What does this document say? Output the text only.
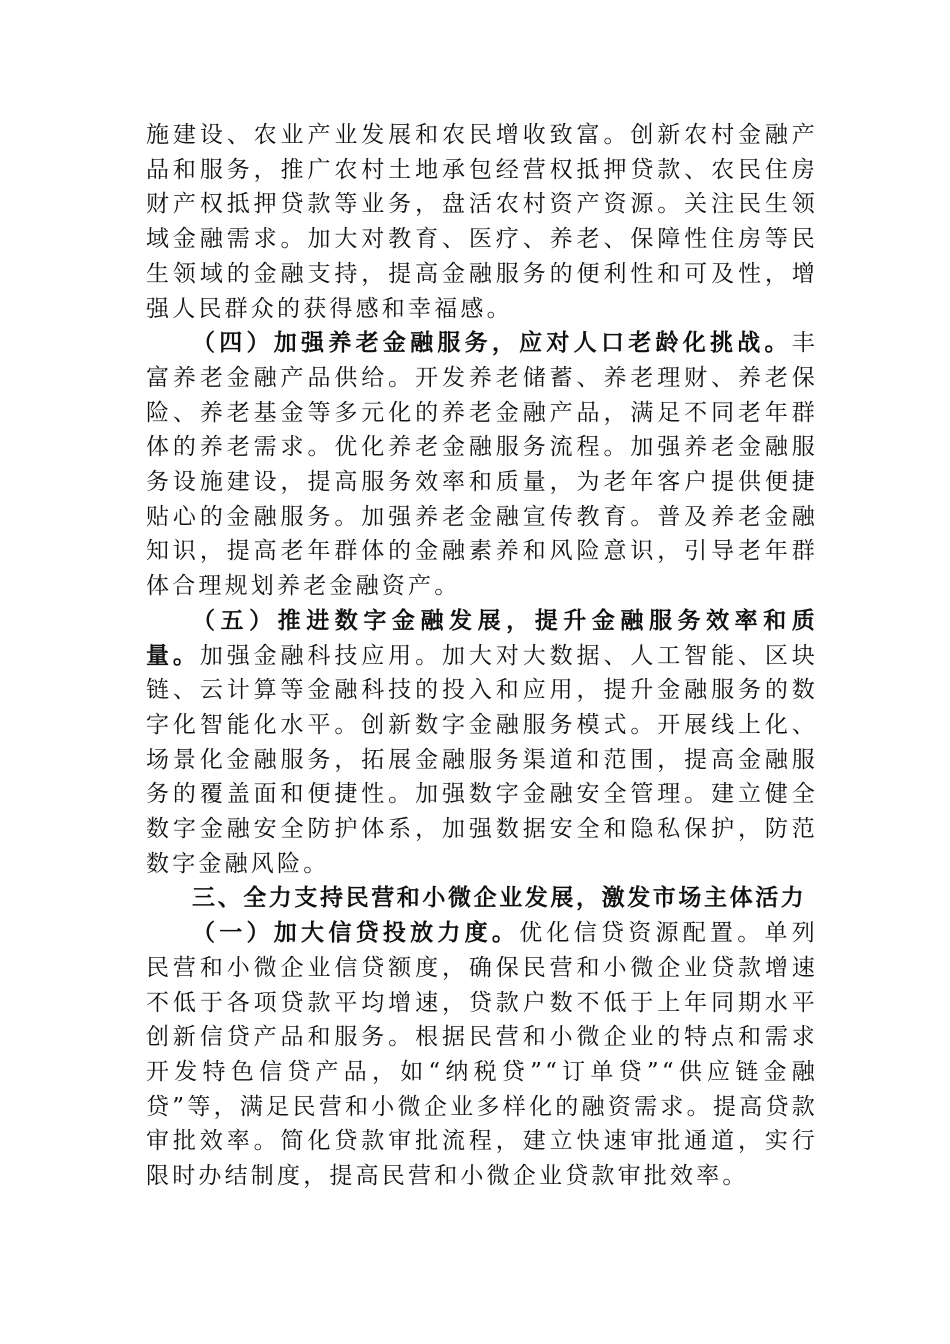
施建设、农业产业发展和农民增收致富。创新农村金融产品和服务，推广农村土地承包经营权抵押贷款、农民住房财产权抵押贷款等业务，盘活农村资产资源。关注民生领域金融需求。加大对教育、医疗、养老、保障性住房等民生领域的金融支持，提高金融服务的便利性和可及性，增强人民群众的获得感和幸福感。

（四）加强养老金融服务，应对人口老龄化挑战。丰富养老金融产品供给。开发养老储蓄、养老理财、养老保险、养老基金等多元化的养老金融产品，满足不同老年群体的养老需求。优化养老金融服务流程。加强养老金融服务设施建设，提高服务效率和质量，为老年客户提供便捷贴心的金融服务。加强养老金融宣传教育。普及养老金融知识，提高老年群体的金融素养和风险意识，引导老年群体合理规划养老金融资产。

（五）推进数字金融发展，提升金融服务效率和质量。加强金融科技应用。加大对大数据、人工智能、区块链、云计算等金融科技的投入和应用，提升金融服务的数字化智能化水平。创新数字金融服务模式。开展线上化、场景化金融服务，拓展金融服务渠道和范围，提高金融服务的覆盖面和便捷性。加强数字金融安全管理。建立健全数字金融安全防护体系，加强数据安全和隐私保护，防范数字金融风险。

三、全力支持民营和小微企业发展，激发市场主体活力

（一）加大信贷投放力度。优化信贷资源配置。单列民营和小微企业信贷额度，确保民营和小微企业贷款增速不低于各项贷款平均增速，贷款户数不低于上年同期水平创新信贷产品和服务。根据民营和小微企业的特点和需求开发特色信贷产品，如“纳税贷”“订单贷”“供应链金融贷”等，满足民营和小微企业多样化的融资需求。提高贷款审批效率。简化贷款审批流程，建立快速审批通道，实行限时办结制度，提高民营和小微企业贷款审批效率。
